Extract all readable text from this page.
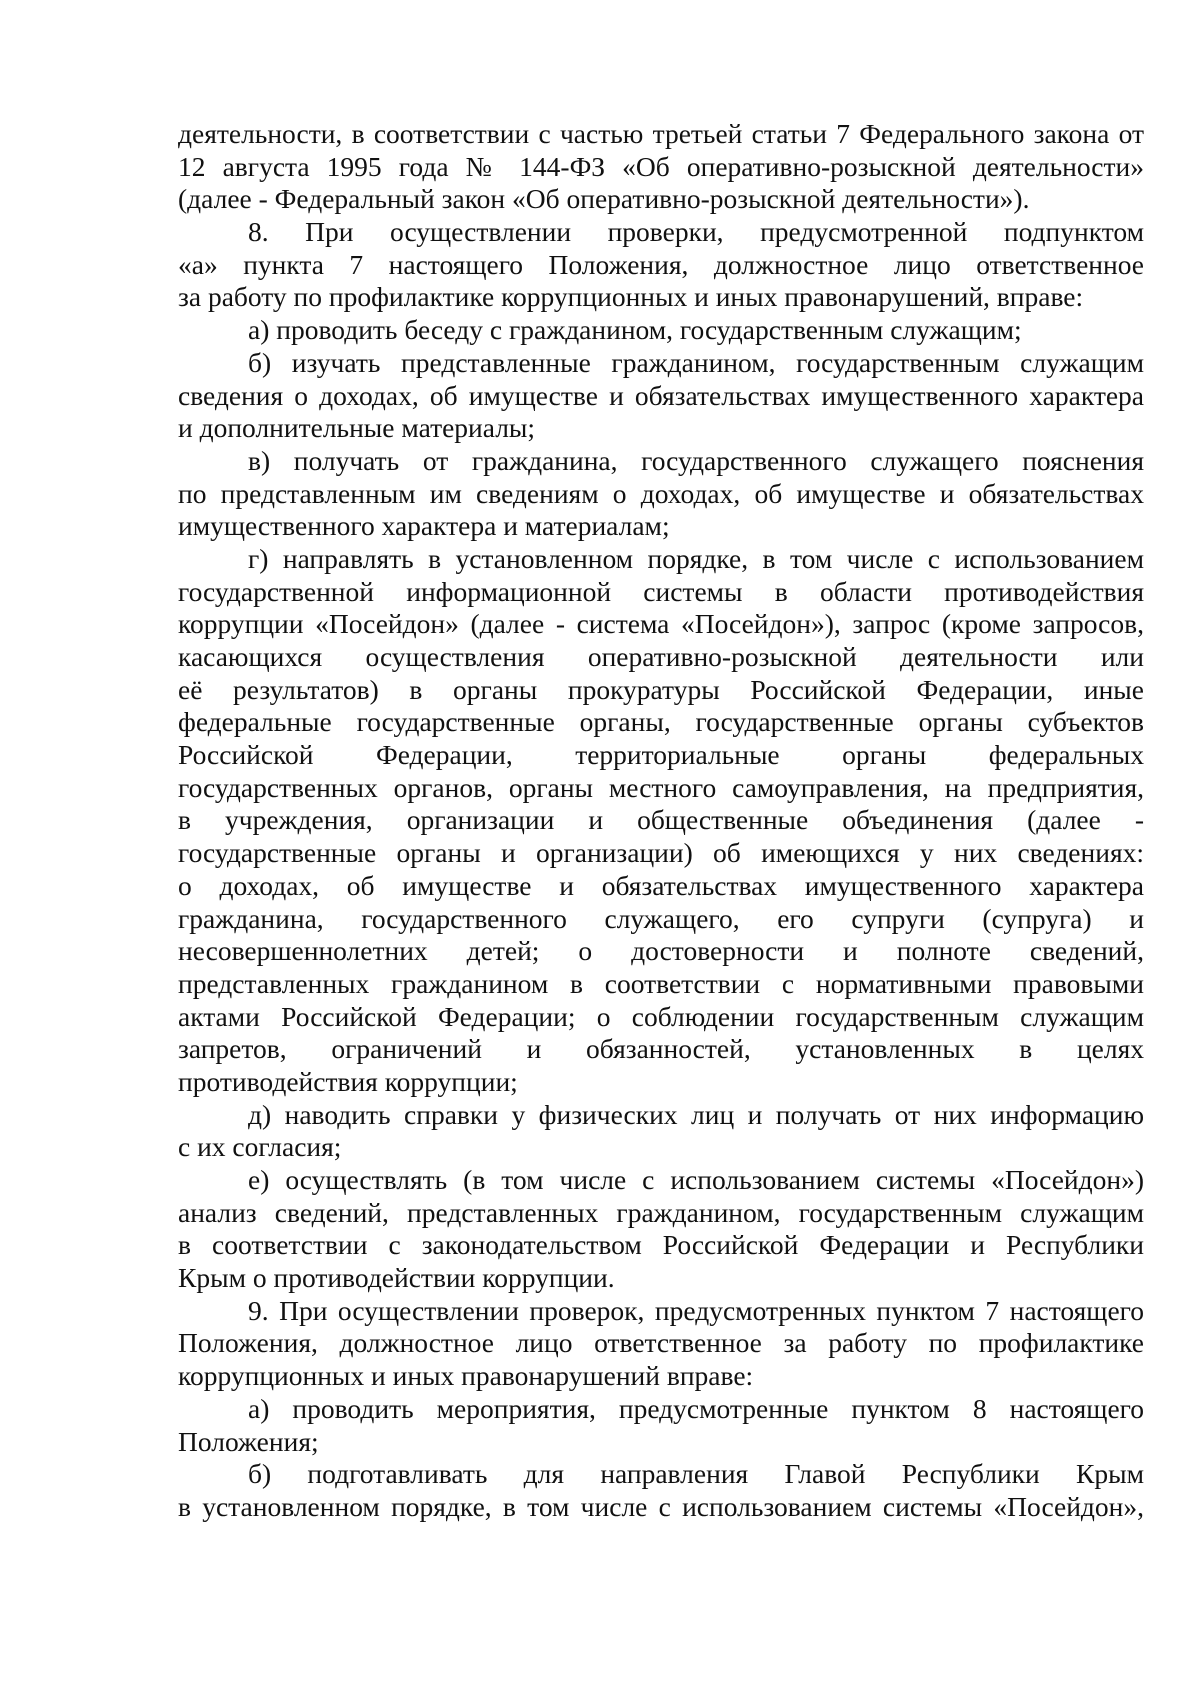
деятельности, в соответствии с частью третьей статьи 7 Федерального закона от
12 августа 1995 года № 144-ФЗ «Об оперативно-розыскной деятельности»
(далее - Федеральный закон «Об оперативно-розыскной деятельности»).
8. При осуществлении проверки, предусмотренной подпунктом
«а» пункта 7 настоящего Положения, должностное лицо ответственное
за работу по профилактике коррупционных и иных правонарушений, вправе:
а) проводить беседу с гражданином, государственным служащим;
б) изучать представленные гражданином, государственным служащим
сведения о доходах, об имуществе и обязательствах имущественного характера
и дополнительные материалы;
в) получать от гражданина, государственного служащего пояснения
по представленным им сведениям о доходах, об имуществе и обязательствах
имущественного характера и материалам;
г) направлять в установленном порядке, в том числе с использованием
государственной информационной системы в области противодействия
коррупции «Посейдон» (далее - система «Посейдон»), запрос (кроме запросов,
касающихся осуществления оперативно-розыскной деятельности или
её результатов) в органы прокуратуры Российской Федерации, иные
федеральные государственные органы, государственные органы субъектов
Российской Федерации, территориальные органы федеральных
государственных органов, органы местного самоуправления, на предприятия,
в учреждения, организации и общественные объединения (далее -
государственные органы и организации) об имеющихся у них сведениях:
о доходах, об имуществе и обязательствах имущественного характера
гражданина, государственного служащего, его супруги (супруга) и
несовершеннолетних детей; о достоверности и полноте сведений,
представленных гражданином в соответствии с нормативными правовыми
актами Российской Федерации; о соблюдении государственным служащим
запретов, ограничений и обязанностей, установленных в целях
противодействия коррупции;
д) наводить справки у физических лиц и получать от них информацию
с их согласия;
е) осуществлять (в том числе с использованием системы «Посейдон»)
анализ сведений, представленных гражданином, государственным служащим
в соответствии с законодательством Российской Федерации и Республики
Крым о противодействии коррупции.
9. При осуществлении проверок, предусмотренных пунктом 7 настоящего
Положения, должностное лицо ответственное за работу по профилактике
коррупционных и иных правонарушений вправе:
а) проводить мероприятия, предусмотренные пунктом 8 настоящего
Положения;
б) подготавливать для направления Главой Республики Крым
в установленном порядке, в том числе с использованием системы «Посейдон»,
